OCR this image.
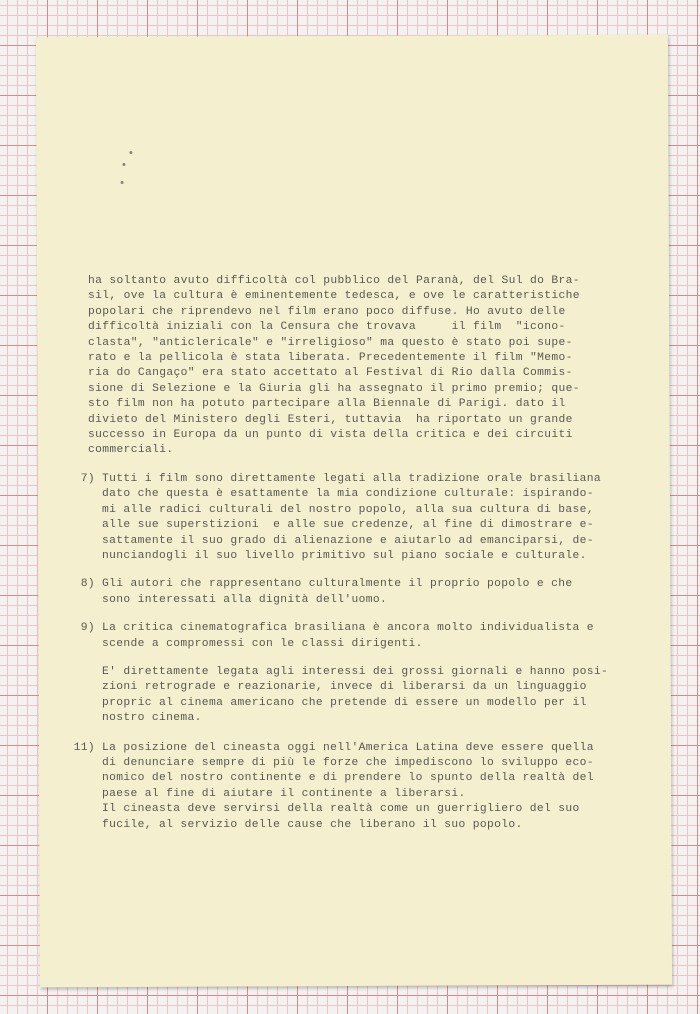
ha soltanto avuto difficoltà col pubblico del Paranà, del Sul do Bra-
sil, ove la cultura è eminentemente tedesca, e ove le caratteristiche
popolari che riprendevo nel film erano poco diffuse. Ho avuto delle
difficoltà iniziali con la Censura che trovava     il film  "icono-
clasta", "anticlericale" e "irreligioso" ma questo è stato poi supe-
rato e la pellicola è stata liberata. Precedentemente il film "Memo-
ria do Cangaço" era stato accettato al Festival di Rio dalla Commis-
sione di Selezione e la Giuria gli ha assegnato il primo premio; que-
sto film non ha potuto partecipare alla Biennale di Parigi. dato il
divieto del Ministero degli Esteri, tuttavia  ha riportato un grande
successo in Europa da un punto di vista della critica e dei circuiti
commerciali.

7) Tutti i film sono direttamente legati alla tradizione orale brasiliana
dato che questa è esattamente la mia condizione culturale: ispirando-
mi alle radici culturali del nostro popolo, alla sua cultura di base,
alle sue superstizioni  e alle sue credenze, al fine di dimostrare e-
sattamente il suo grado di alienazione e aiutarlo ad emanciparsi, de-
nunciandogli il suo livello primitivo sul piano sociale e culturale.
8) Gli autori che rappresentano culturalmente il proprio popolo e che
sono interessati alla dignità dell'uomo.
9) La critica cinematografica brasiliana è ancora molto individualista e
scende a compromessi con le classi dirigenti.
E' direttamente legata agli interessi dei grossi giornali e hanno posi-
zioni retrograde e reazionarie, invece di liberarsi da un linguaggio
propric al cinema americano che pretende di essere un modello per il
nostro cinema.
11) La posizione del cineasta oggi nell'America Latina deve essere quella
di denunciare sempre di più le forze che impediscono lo sviluppo eco-
nomico del nostro continente e di prendere lo spunto della realtà del
paese al fine di aiutare il continente a liberarsi.
Il cineasta deve servirsi della realtà come un guerrigliero del suo
fucile, al servizio delle cause che liberano il suo popolo.
